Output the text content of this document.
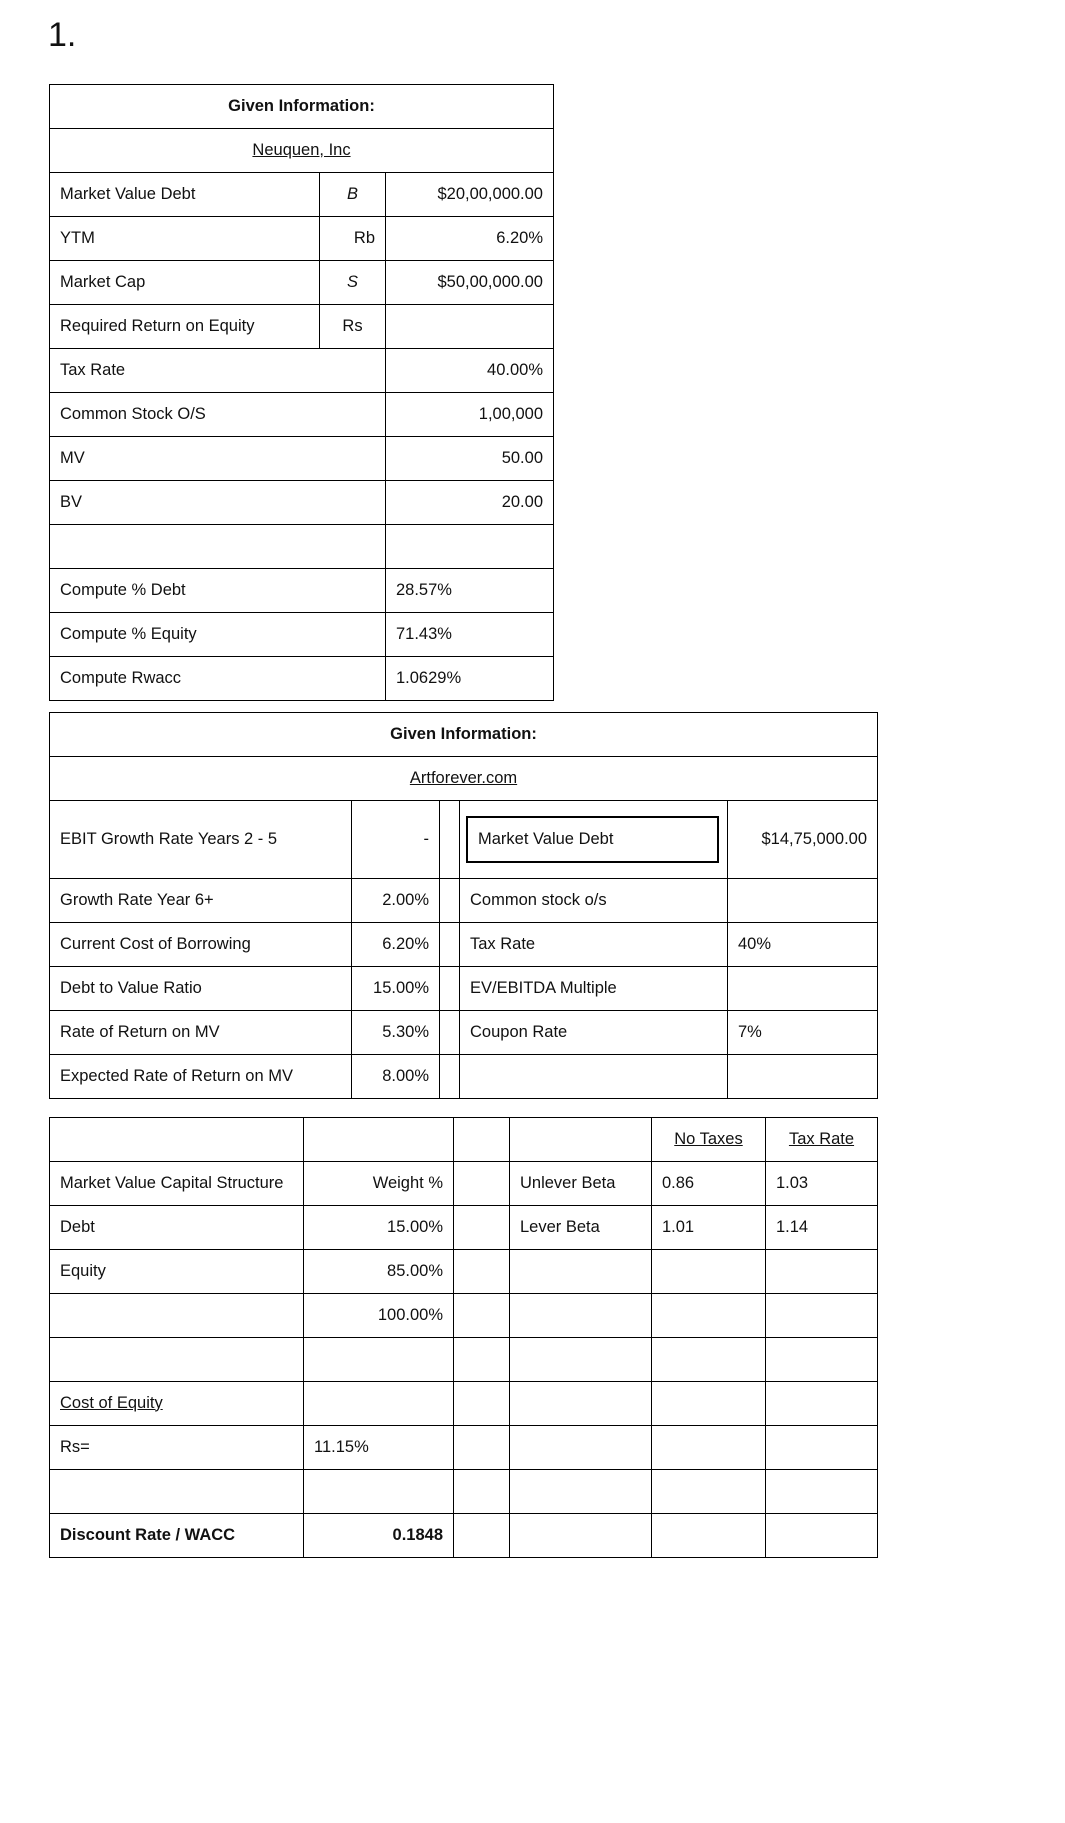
1.
Given Information:		
Neuquen, Inc		
Market Value Debt	B	$20,00,000.00
YTM	Rb	6.20%
Market Cap	S	$50,00,000.00
Required Return on Equity	Rs	
Tax Rate		40.00%
Common Stock O/S		1,00,000
MV		50.00
BV		20.00

Compute % Debt		28.57%
Compute % Equity		71.43%
Compute Rwacc		1.0629%
Given Information:				
Artforever.com				
EBIT Growth Rate Years 2 - 5	-		Market Value Debt	$14,75,000.00
Growth Rate Year 6+	2.00%		Common stock o/s	
Current Cost of Borrowing	6.20%		Tax Rate	40%
Debt to Value Ratio	15.00%		EV/EBITDA Multiple	
Rate of Return on MV	5.30%		Coupon Rate	7%
Expected Rate of Return on MV	8.00%			
				No Taxes	Tax Rate
Market Value Capital Structure	Weight %		Unlever Beta	0.86	1.03
Debt	15.00%		Lever Beta	1.01	1.14
Equity	85.00%				
	100.00%				

Cost of Equity					
Rs=	11.15%				

Discount Rate / WACC	0.1848				
